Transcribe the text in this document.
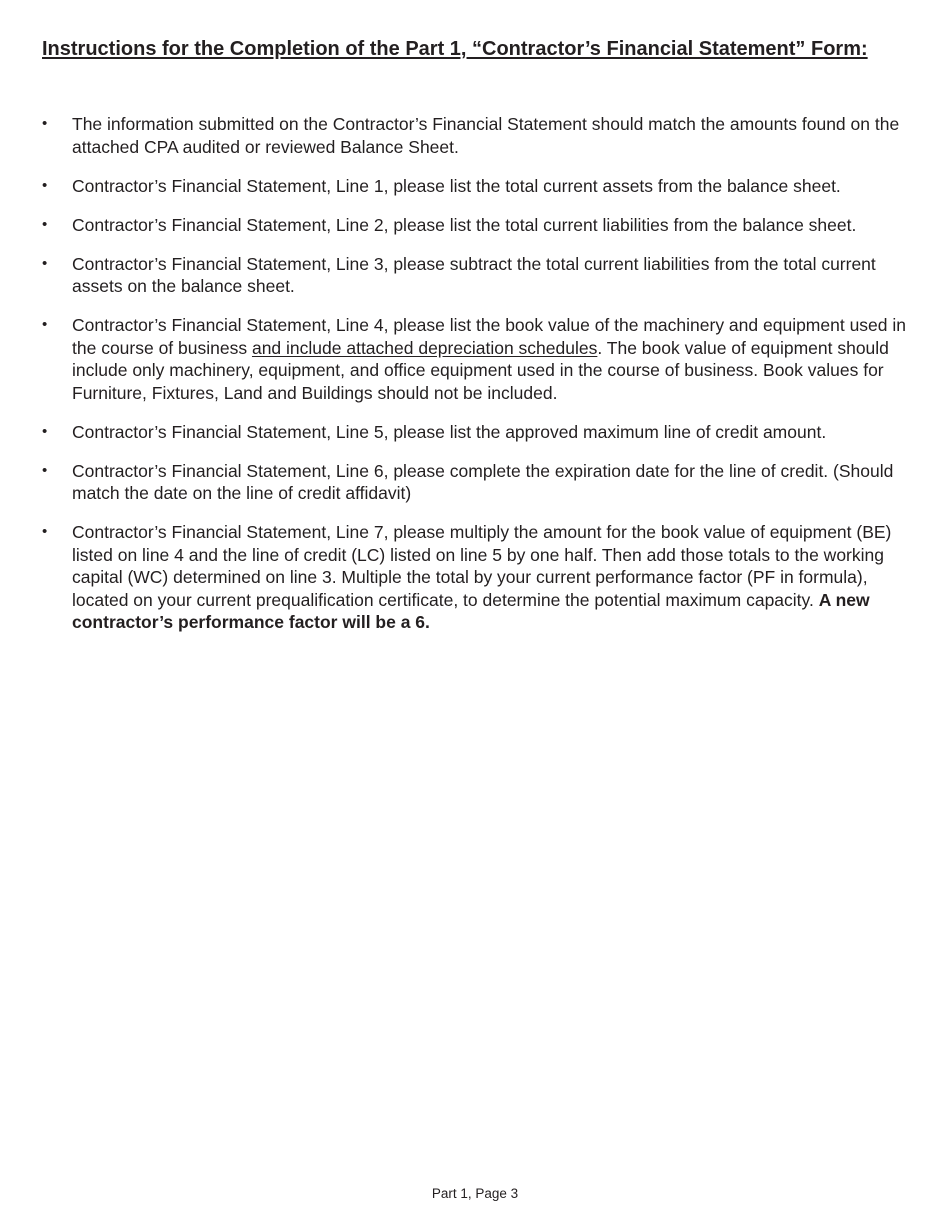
Instructions for the Completion of the Part 1, “Contractor’s Financial Statement” Form:
• The information submitted on the Contractor’s Financial Statement should match the amounts found on the attached CPA audited or reviewed Balance Sheet.
• Contractor’s Financial Statement, Line 1, please list the total current assets from the balance sheet.
• Contractor’s Financial Statement, Line 2, please list the total current liabilities from the balance sheet.
• Contractor’s Financial Statement, Line 3, please subtract the total current liabilities from the total current assets on the balance sheet.
• Contractor’s Financial Statement, Line 4, please list the book value of the machinery and equipment used in the course of business and include attached depreciation schedules. The book value of equipment should include only machinery, equipment, and office equipment used in the course of business. Book values for Furniture, Fixtures, Land and Buildings should not be included.
• Contractor’s Financial Statement, Line 5, please list the approved maximum line of credit amount.
• Contractor’s Financial Statement, Line 6, please complete the expiration date for the line of credit. (Should match the date on the line of credit affidavit)
• Contractor’s Financial Statement, Line 7, please multiply the amount for the book value of equipment (BE) listed on line 4 and the line of credit (LC) listed on line 5 by one half. Then add those totals to the working capital (WC) determined on line 3. Multiple the total by your current performance factor (PF in formula), located on your current prequalification certificate, to determine the potential maximum capacity. A new contractor’s performance factor will be a 6.
Part 1, Page 3
